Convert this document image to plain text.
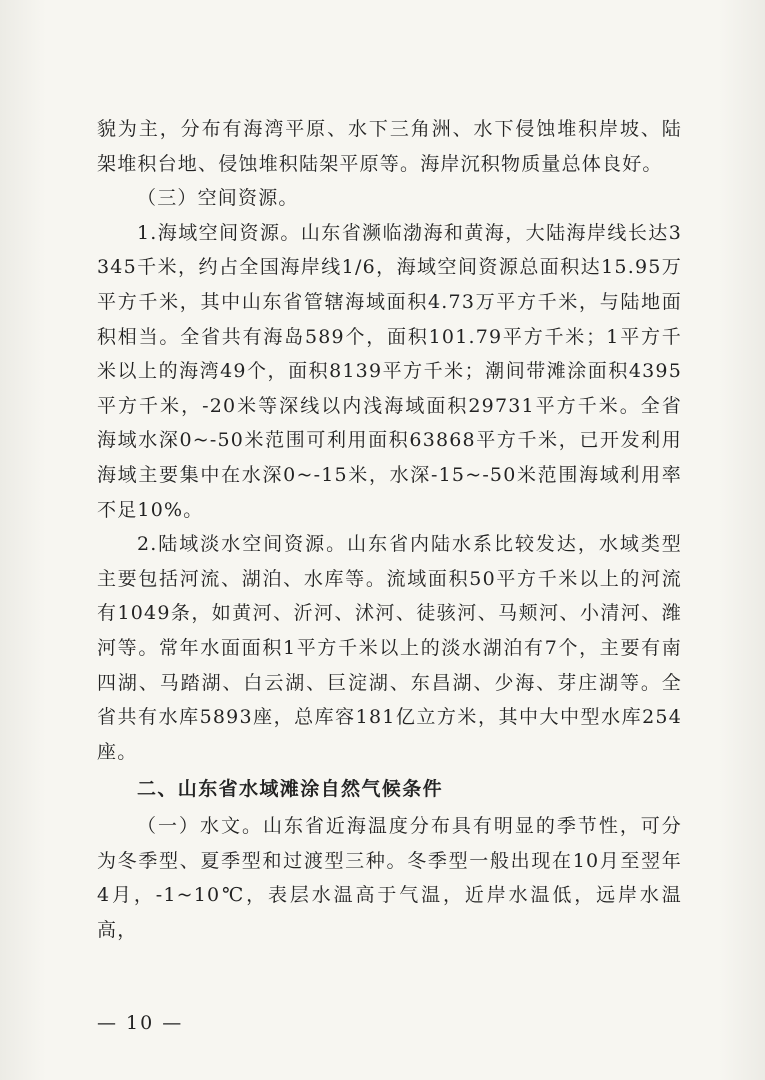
貌为主，分布有海湾平原、水下三角洲、水下侵蚀堆积岸坡、陆架堆积台地、侵蚀堆积陆架平原等。海岸沉积物质量总体良好。

（三）空间资源。

1.海域空间资源。山东省濒临渤海和黄海，大陆海岸线长达3345千米，约占全国海岸线1/6，海域空间资源总面积达15.95万平方千米，其中山东省管辖海域面积4.73万平方千米，与陆地面积相当。全省共有海岛589个，面积101.79平方千米；1平方千米以上的海湾49个，面积8139平方千米；潮间带滩涂面积4395平方千米，-20米等深线以内浅海域面积29731平方千米。全省海域水深0~-50米范围可利用面积63868平方千米，已开发利用海域主要集中在水深0~-15米，水深-15~-50米范围海域利用率不足10%。

2.陆域淡水空间资源。山东省内陆水系比较发达，水域类型主要包括河流、湖泊、水库等。流域面积50平方千米以上的河流有1049条，如黄河、沂河、沭河、徒骇河、马颊河、小清河、潍河等。常年水面面积1平方千米以上的淡水湖泊有7个，主要有南四湖、马踏湖、白云湖、巨淀湖、东昌湖、少海、芽庄湖等。全省共有水库5893座，总库容181亿立方米，其中大中型水库254座。

二、山东省水域滩涂自然气候条件

（一）水文。山东省近海温度分布具有明显的季节性，可分为冬季型、夏季型和过渡型三种。冬季型一般出现在10月至翌年4月，-1~10℃，表层水温高于气温，近岸水温低，远岸水温高，

— 10 —
